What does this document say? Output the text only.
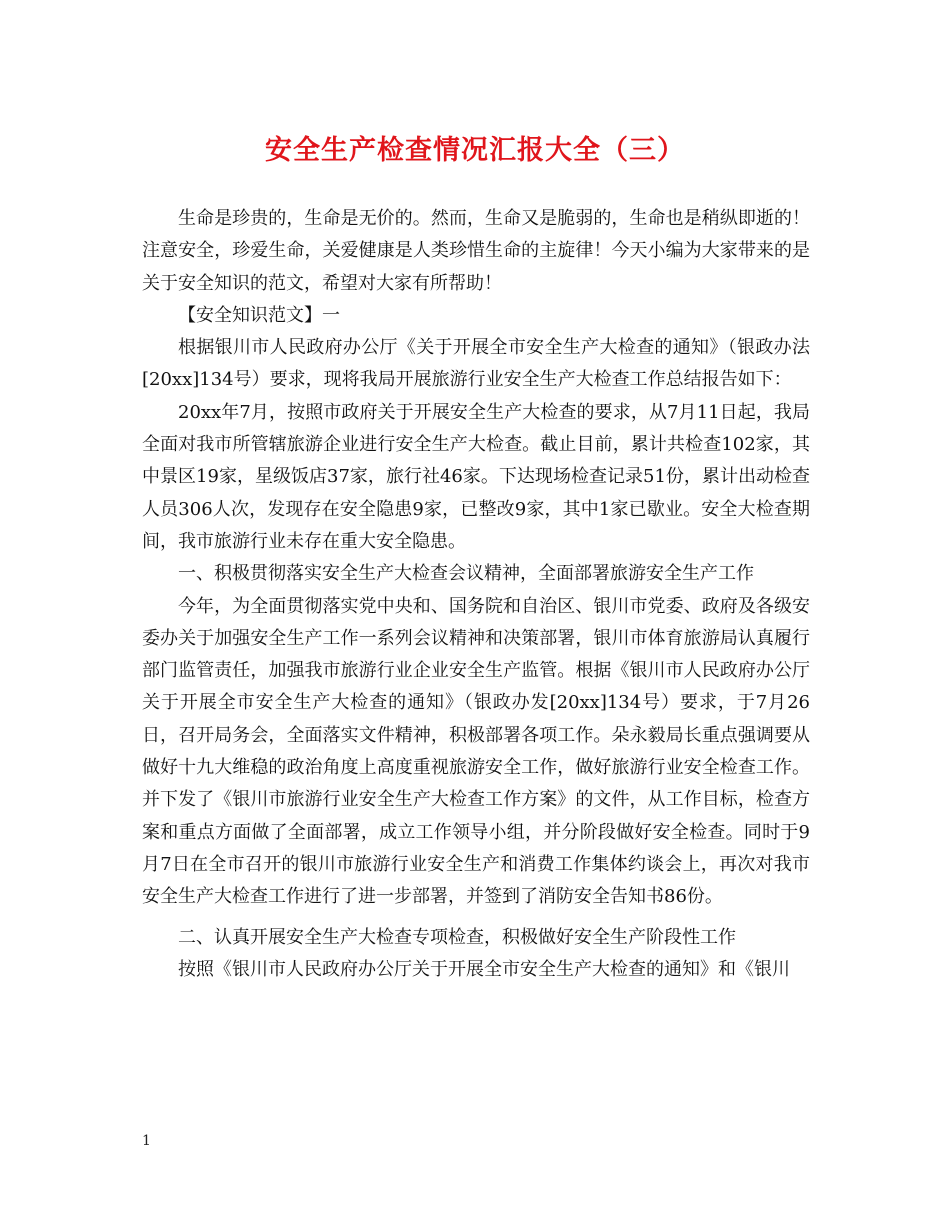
安全生产检查情况汇报大全（三）

生命是珍贵的，生命是无价的。然而，生命又是脆弱的，生命也是稍纵即逝的！注意安全，珍爱生命，关爱健康是人类珍惜生命的主旋律！今天小编为大家带来的是关于安全知识的范文，希望对大家有所帮助！

【安全知识范文】一

根据银川市人民政府办公厅《关于开展全市安全生产大检查的通知》（银政办法[20xx]134号）要求，现将我局开展旅游行业安全生产大检查工作总结报告如下：

20xx年7月，按照市政府关于开展安全生产大检查的要求，从7月11日起，我局全面对我市所管辖旅游企业进行安全生产大检查。截止目前，累计共检查102家，其中景区19家，星级饭店37家，旅行社46家。下达现场检查记录51份，累计出动检查人员306人次，发现存在安全隐患9家，已整改9家，其中1家已歇业。安全大检查期间，我市旅游行业未存在重大安全隐患。

一、积极贯彻落实安全生产大检查会议精神，全面部署旅游安全生产工作

今年，为全面贯彻落实党中央和、国务院和自治区、银川市党委、政府及各级安委办关于加强安全生产工作一系列会议精神和决策部署，银川市体育旅游局认真履行部门监管责任，加强我市旅游行业企业安全生产监管。根据《银川市人民政府办公厅关于开展全市安全生产大检查的通知》（银政办发[20xx]134号）要求，于7月26日，召开局务会，全面落实文件精神，积极部署各项工作。朵永毅局长重点强调要从做好十九大维稳的政治角度上高度重视旅游安全工作，做好旅游行业安全检查工作。并下发了《银川市旅游行业安全生产大检查工作方案》的文件，从工作目标，检查方案和重点方面做了全面部署，成立工作领导小组，并分阶段做好安全检查。同时于9月7日在全市召开的银川市旅游行业安全生产和消费工作集体约谈会上，再次对我市安全生产大检查工作进行了进一步部署，并签到了消防安全告知书86份。

二、认真开展安全生产大检查专项检查，积极做好安全生产阶段性工作

按照《银川市人民政府办公厅关于开展全市安全生产大检查的通知》和《银川

1
